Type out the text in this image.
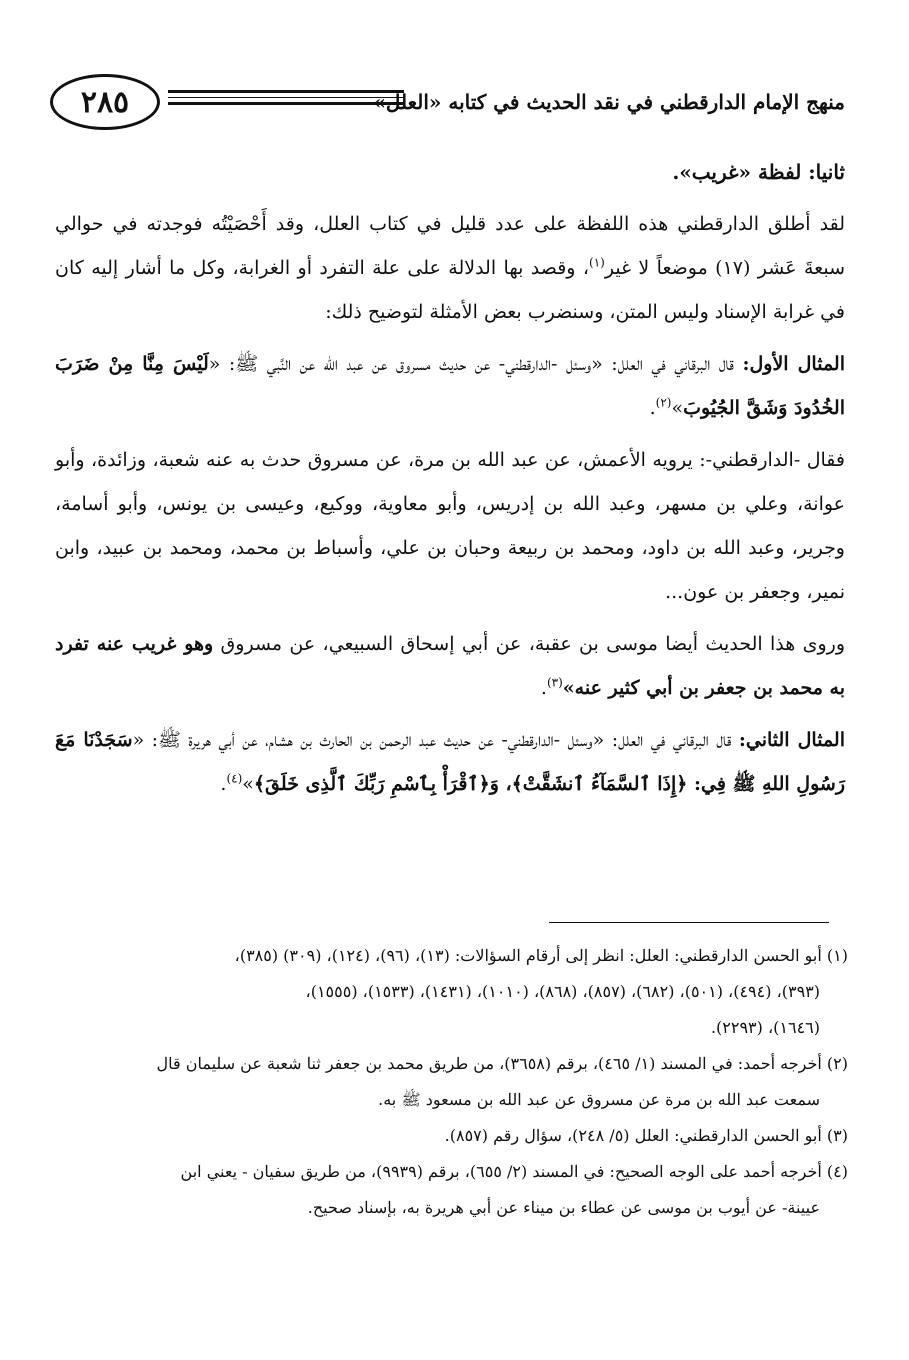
٢٨٥	منهج الإمام الدارقطني في نقد الحديث في كتابه «العلل»

ثانيا: لفظة «غريب».

لقد أطلق الدارقطني هذه اللفظة على عدد قليل في كتاب العلل، وقد أَحْصَيْتُه فوجدته في حوالي سبعةَ عَشر (١٧) موضعاً لا غير$^{(١)}$، وقصد بها الدلالة على علة التفرد أو الغرابة، وكل ما أشار إليه كان في غرابة الإسناد وليس المتن، وسنضرب بعض الأمثلة لتوضيح ذلك:

المثال الأول: قال البرقاني في العلل: «وسئل -الدارقطني- عن حديث مسروق عن عبد الله عن النَّبي ﷺ: «لَيْسَ مِنَّا مِنْ ضَرَبَ الخُدُودَ وَشَقَّ الجُيُوبَ»$^{(٢)}$.

فقال -الدارقطني-: يرويه الأعمش، عن عبد الله بن مرة، عن مسروق حدث به عنه شعبة، وزائدة، وأبو عوانة، وعلي بن مسهر، وعبد الله بن إدريس، وأبو معاوية، ووكيع، وعيسى بن يونس، وأبو أسامة، وجرير، وعبد الله بن داود، ومحمد بن ربيعة وحبان بن علي، وأسباط بن محمد، ومحمد بن عبيد، وابن نمير، وجعفر بن عون...

وروى هذا الحديث أيضا موسى بن عقبة، عن أبي إسحاق السبيعي، عن مسروق وهو غريب عنه تفرد به محمد بن جعفر بن أبي كثير عنه»$^{(٣)}$.

المثال الثاني: قال البرقاني في العلل: «وسئل -الدارقطني- عن حديث عبد الرحمن بن الحارث بن هشام، عن أبي هريرة ﷺ: «سَجَدْنَا مَعَ رَسُولِ اللهِ ﷺ فِي: ﴿إِذَا ٱلسَّمَآءُ ٱنشَقَّتْ﴾، وَ﴿ٱقْرَأْ بِٱسْمِ رَبِّكَ ٱلَّذِى خَلَقَ﴾»$^{(٤)}$.

(١) أبو الحسن الدارقطني: العلل: انظر إلى أرقام السؤالات: (١٣)، (٩٦)، (١٢٤)، (٣٠٩) (٣٨٥)،

(٣٩٣)، (٤٩٤)، (٥٠١)، (٦٨٢)، (٨٥٧)، (٨٦٨)، (١٠١٠)، (١٤٣١)، (١٥٣٣)، (١٥٥٥)،

(١٦٤٦)، (٢٢٩٣).

(٢) أخرجه أحمد: في المسند (١/ ٤٦٥)، برقم (٣٦٥٨)، من طريق محمد بن جعفر ثنا شعبة عن سليمان قال

سمعت عبد الله بن مرة عن مسروق عن عبد الله بن مسعود ﷺ به.

(٣) أبو الحسن الدارقطني: العلل (٥/ ٢٤٨)، سؤال رقم (٨٥٧).

(٤) أخرجه أحمد على الوجه الصحيح: في المسند (٢/ ٦٥٥)، برقم (٩٩٣٩)، من طريق سفيان - يعني ابن

عيينة- عن أيوب بن موسى عن عطاء بن ميناء عن أبي هريرة به، بإسناد صحيح.
